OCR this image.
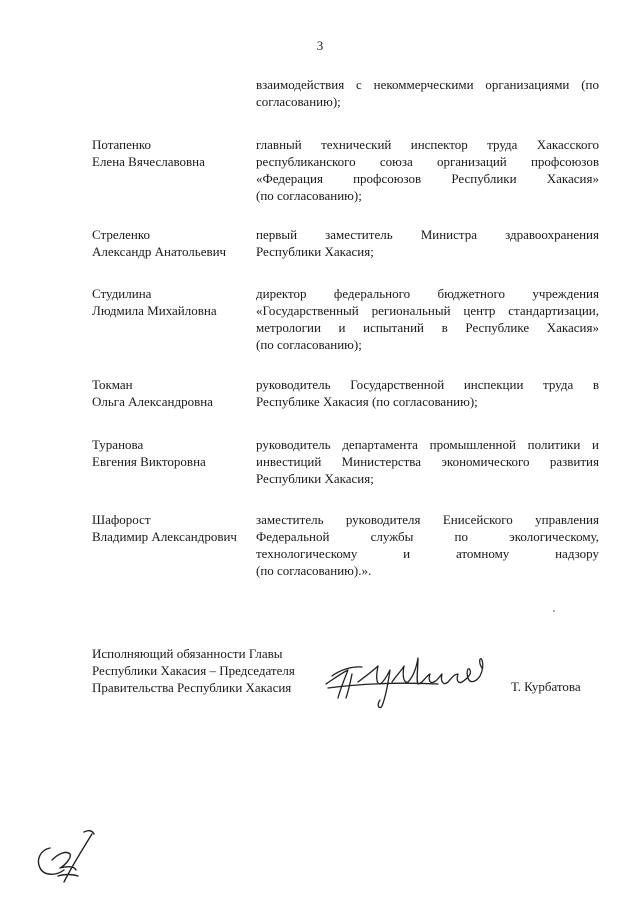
3
взаимодействия с некоммерческими организациями (по
согласованию);
Потапенко
Елена Вячеславовна
главный технический инспектор труда Хакасского
республиканского союза организаций профсоюзов
«Федерация профсоюзов Республики Хакасия»
(по согласованию);
Стреленко
Александр Анатольевич
первый заместитель Министра здравоохранения
Республики Хакасия;
Студилина
Людмила Михайловна
директор федерального бюджетного учреждения
«Государственный региональный центр стандартизации,
метрологии и испытаний в Республике Хакасия»
(по согласованию);
Токман
Ольга Александровна
руководитель Государственной инспекции труда в
Республике Хакасия (по согласованию);
Туранова
Евгения Викторовна
руководитель департамента промышленной политики и
инвестиций Министерства экономического развития
Республики Хакасия;
Шафорост
Владимир Александрович
заместитель руководителя Енисейского управления
Федеральной службы по экологическому,
технологическому и атомному надзору
(по согласованию).».
Исполняющий обязанности Главы
Республики Хакасия – Председателя
Правительства Республики Хакасия	Т. Курбатова
